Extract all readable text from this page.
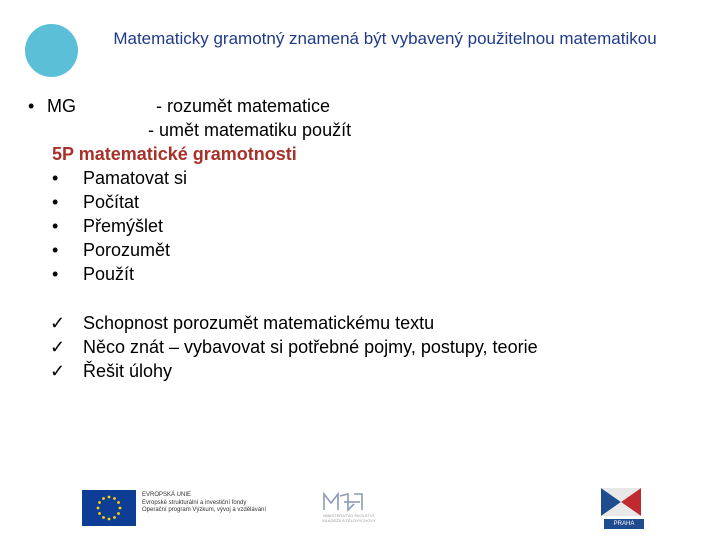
Matematicky gramotný znamená být vybavený použitelnou matematikou
• MG	- rozumět matematice
- umět matematiku použít
5P matematické gramotnosti
• Pamatovat si
• Počítat
• Přemýšlet
• Porozumět
• Použít
✓ Schopnost porozumět matematickému textu
✓ Něco znát – vybavovat si potřebné pojmy, postupy, teorie
✓ Řešit úlohy
EVROPSKÁ UNIE
Evropské strukturální a investiční fondy
Operační program Výzkum, vývoj a vzdělávání
MINISTERSTVO ŠKOLSTVÍ,
MLÁDEŽE A TĚLOVÝCHOVY
PRAHA
